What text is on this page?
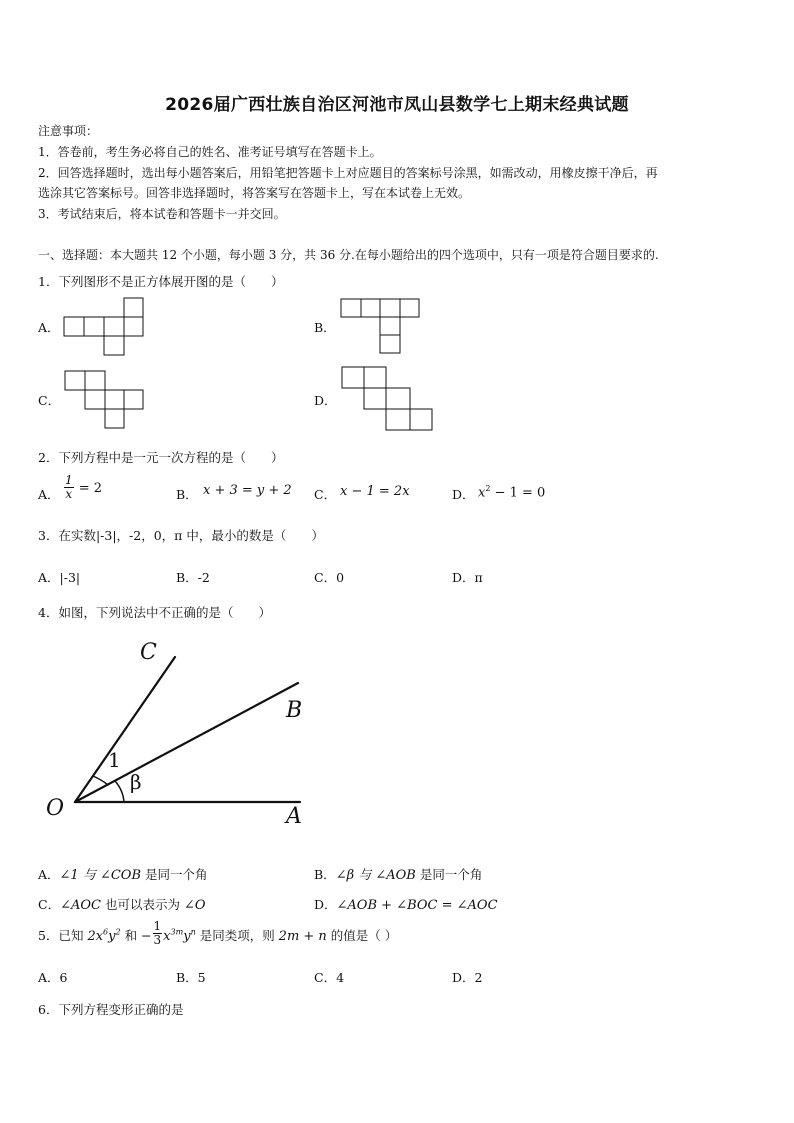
2026届广西壮族自治区河池市凤山县数学七上期末经典试题
注意事项：
1．答卷前，考生务必将自己的姓名、准考证号填写在答题卡上。
2．回答选择题时，选出每小题答案后，用铅笔把答题卡上对应题目的答案标号涂黑，如需改动，用橡皮擦干净后，再
选涂其它答案标号。回答非选择题时，将答案写在答题卡上，写在本试卷上无效。
3．考试结束后，将本试卷和答题卡一并交回。
一、选择题：本大题共 12 个小题，每小题 3 分，共 36 分.在每小题给出的四个选项中，只有一项是符合题目要求的.
1．下列图形不是正方体展开图的是（　　）
A．	B．
C．	D．
2．下列方程中是一元一次方程的是（　　）
A． $\frac{1}{x} = 2$	B． x + 3 = y + 2 C． x − 1 = 2x	D． $x^2 - 1 = 0$
3．在实数|-3|，-2，0，π 中，最小的数是（　　）
A．|-3|	B．-2	C．0	D．π
4．如图，下列说法中不正确的是（　　）
C
B
O	A
1
β
A．∠1 与 ∠COB 是同一个角	B．∠β 与 ∠AOB 是同一个角
C．∠AOC 也可以表示为 ∠O	D．∠AOB + ∠BOC = ∠AOC
5．已知 $2x^6y^2$ 和 − $\frac{1}{3} x^{3m}y^n$ 是同类项，则 2m + n 的值是（ ）
A．6	B．5	C．4	D．2
6．下列方程变形正确的是
